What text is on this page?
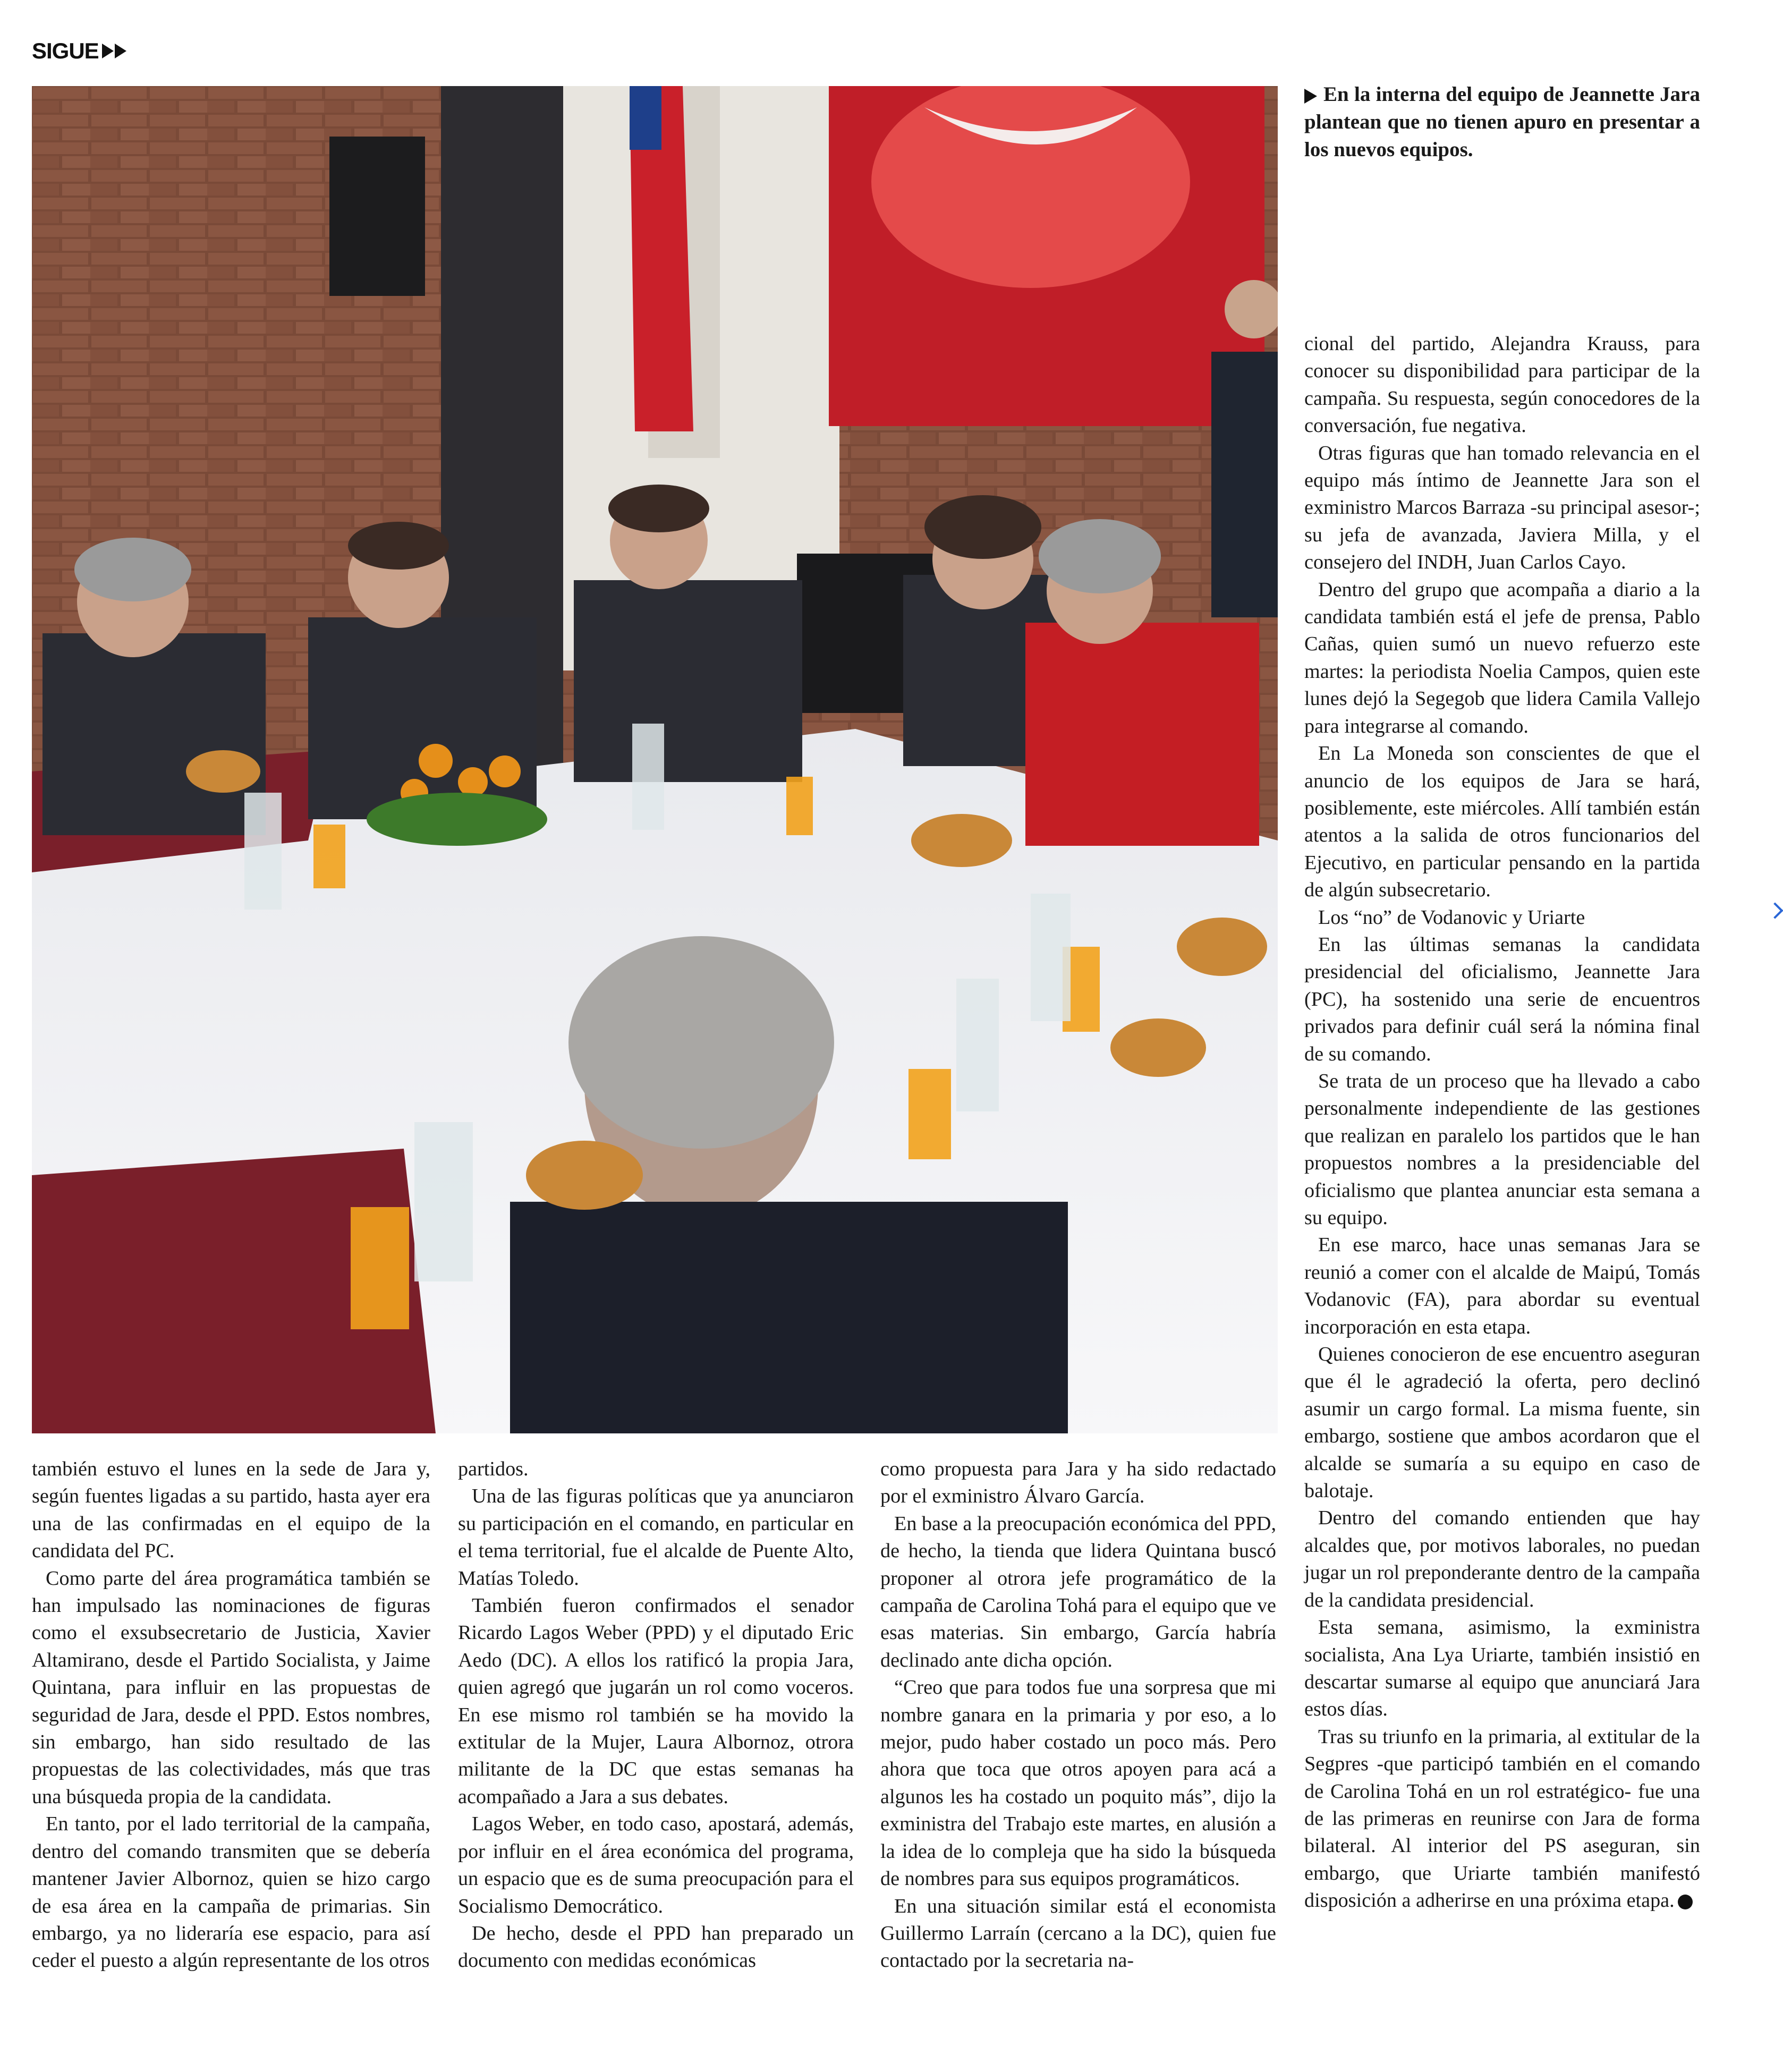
SIGUE
En la interna del equipo de Jeannette Jara plantean que no tienen apuro en presentar a los nuevos equipos.

también estuvo el lunes en la sede de Jara y, según fuentes ligadas a su partido, hasta ayer era una de las confirmadas en el equipo de la candidata del PC.

Como parte del área programática también se han impulsado las nominaciones de figuras como el exsubsecretario de Justicia, Xavier Altamirano, desde el Partido Socialista, y Jaime Quintana, para influir en las propuestas de seguridad de Jara, desde el PPD. Estos nombres, sin embargo, han sido resultado de las propuestas de las colectividades, más que tras una búsqueda propia de la candidata.

En tanto, por el lado territorial de la campaña, dentro del comando transmiten que se debería mantener Javier Albornoz, quien se hizo cargo de esa área en la campaña de primarias. Sin embargo, ya no lideraría ese espacio, para así ceder el puesto a algún representante de los otros

partidos.

Una de las figuras políticas que ya anunciaron su participación en el comando, en particular en el tema territorial, fue el alcalde de Puente Alto, Matías Toledo.

También fueron confirmados el senador Ricardo Lagos Weber (PPD) y el diputado Eric Aedo (DC). A ellos los ratificó la propia Jara, quien agregó que jugarán un rol como voceros. En ese mismo rol también se ha movido la extitular de la Mujer, Laura Albornoz, otrora militante de la DC que estas semanas ha acompañado a Jara a sus debates.

Lagos Weber, en todo caso, apostará, además, por influir en el área económica del programa, un espacio que es de suma preocupación para el Socialismo Democrático.

De hecho, desde el PPD han preparado un documento con medidas económicas

como propuesta para Jara y ha sido redactado por el exministro Álvaro García.

En base a la preocupación económica del PPD, de hecho, la tienda que lidera Quintana buscó proponer al otrora jefe programático de la campaña de Carolina Tohá para el equipo que ve esas materias. Sin embargo, García habría declinado ante dicha opción.

“Creo que para todos fue una sorpresa que mi nombre ganara en la primaria y por eso, a lo mejor, pudo haber costado un poco más. Pero ahora que toca que otros apoyen para acá a algunos les ha costado un poquito más”, dijo la exministra del Trabajo este martes, en alusión a la idea de lo compleja que ha sido la búsqueda de nombres para sus equipos programáticos.

En una situación similar está el economista Guillermo Larraín (cercano a la DC), quien fue contactado por la secretaria na-

cional del partido, Alejandra Krauss, para conocer su disponibilidad para participar de la campaña. Su respuesta, según conocedores de la conversación, fue negativa.

Otras figuras que han tomado relevancia en el equipo más íntimo de Jeannette Jara son el exministro Marcos Barraza -su principal asesor-; su jefa de avanzada, Javiera Milla, y el consejero del INDH, Juan Carlos Cayo.

Dentro del grupo que acompaña a diario a la candidata también está el jefe de prensa, Pablo Cañas, quien sumó un nuevo refuerzo este martes: la periodista Noelia Campos, quien este lunes dejó la Segegob que lidera Camila Vallejo para integrarse al comando.

En La Moneda son conscientes de que el anuncio de los equipos de Jara se hará, posiblemente, este miércoles. Allí también están atentos a la salida de otros funcionarios del Ejecutivo, en particular pensando en la partida de algún subsecretario.

Los “no” de Vodanovic y Uriarte

En las últimas semanas la candidata presidencial del oficialismo, Jeannette Jara (PC), ha sostenido una serie de encuentros privados para definir cuál será la nómina final de su comando.

Se trata de un proceso que ha llevado a cabo personalmente independiente de las gestiones que realizan en paralelo los partidos que le han propuestos nombres a la presidenciable del oficialismo que plantea anunciar esta semana a su equipo.

En ese marco, hace unas semanas Jara se reunió a comer con el alcalde de Maipú, Tomás Vodanovic (FA), para abordar su eventual incorporación en esta etapa.

Quienes conocieron de ese encuentro aseguran que él le agradeció la oferta, pero declinó asumir un cargo formal. La misma fuente, sin embargo, sostiene que ambos acordaron que el alcalde se sumaría a su equipo en caso de balotaje.

Dentro del comando entienden que hay alcaldes que, por motivos laborales, no puedan jugar un rol preponderante dentro de la campaña de la candidata presidencial.

Esta semana, asimismo, la exministra socialista, Ana Lya Uriarte, también insistió en descartar sumarse al equipo que anunciará Jara estos días.

Tras su triunfo en la primaria, al extitular de la Segpres -que participó también en el comando de Carolina Tohá en un rol estratégico- fue una de las primeras en reunirse con Jara de forma bilateral. Al interior del PS aseguran, sin embargo, que Uriarte también manifestó disposición a adherirse en una próxima etapa.
